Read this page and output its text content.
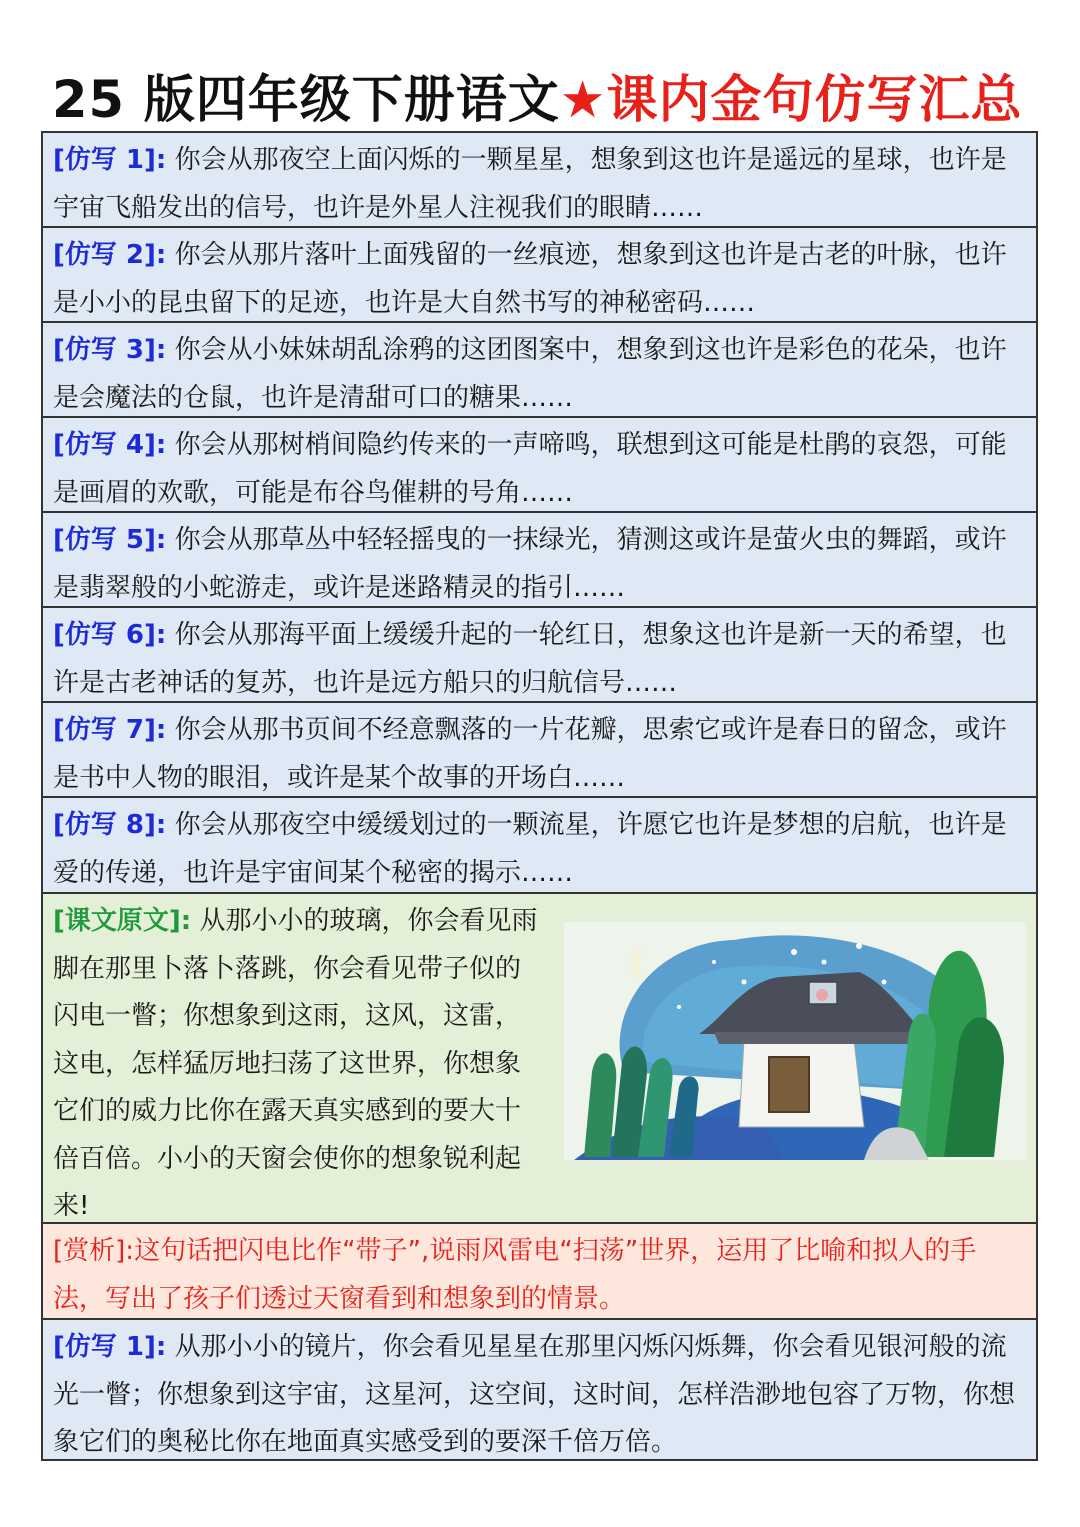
25 版四年级下册语文★课内金句仿写汇总
[仿写 1]: 你会从那夜空上面闪烁的一颗星星，想象到这也许是遥远的星球，也许是宇宙飞船发出的信号，也许是外星人注视我们的眼睛……
[仿写 2]: 你会从那片落叶上面残留的一丝痕迹，想象到这也许是古老的叶脉，也许是小小的昆虫留下的足迹，也许是大自然书写的神秘密码……
[仿写 3]: 你会从小妹妹胡乱涂鸦的这团图案中，想象到这也许是彩色的花朵，也许是会魔法的仓鼠，也许是清甜可口的糖果……
[仿写 4]: 你会从那树梢间隐约传来的一声啼鸣，联想到这可能是杜鹃的哀怨，可能是画眉的欢歌，可能是布谷鸟催耕的号角……
[仿写 5]: 你会从那草丛中轻轻摇曳的一抹绿光，猜测这或许是萤火虫的舞蹈，或许是翡翠般的小蛇游走，或许是迷路精灵的指引……
[仿写 6]: 你会从那海平面上缓缓升起的一轮红日，想象这也许是新一天的希望，也许是古老神话的复苏，也许是远方船只的归航信号……
[仿写 7]: 你会从那书页间不经意飘落的一片花瓣，思索它或许是春日的留念，或许是书中人物的眼泪，或许是某个故事的开场白……
[仿写 8]: 你会从那夜空中缓缓划过的一颗流星，许愿它也许是梦想的启航，也许是爱的传递，也许是宇宙间某个秘密的揭示……
[课文原文]: 从那小小的玻璃，你会看见雨脚在那里卜落卜落跳，你会看见带子似的闪电一瞥；你想象到这雨，这风，这雷，这电，怎样猛厉地扫荡了这世界，你想象它们的威力比你在露天真实感到的要大十倍百倍。小小的天窗会使你的想象锐利起来!
[赏析]:这句话把闪电比作“带子”,说雨风雷电“扫荡”世界，运用了比喻和拟人的手法，写出了孩子们透过天窗看到和想象到的情景。
[仿写 1]: 从那小小的镜片，你会看见星星在那里闪烁闪烁舞，你会看见银河般的流光一瞥；你想象到这宇宙，这星河，这空间，这时间，怎样浩渺地包容了万物，你想象它们的奥秘比你在地面真实感受到的要深千倍万倍。
